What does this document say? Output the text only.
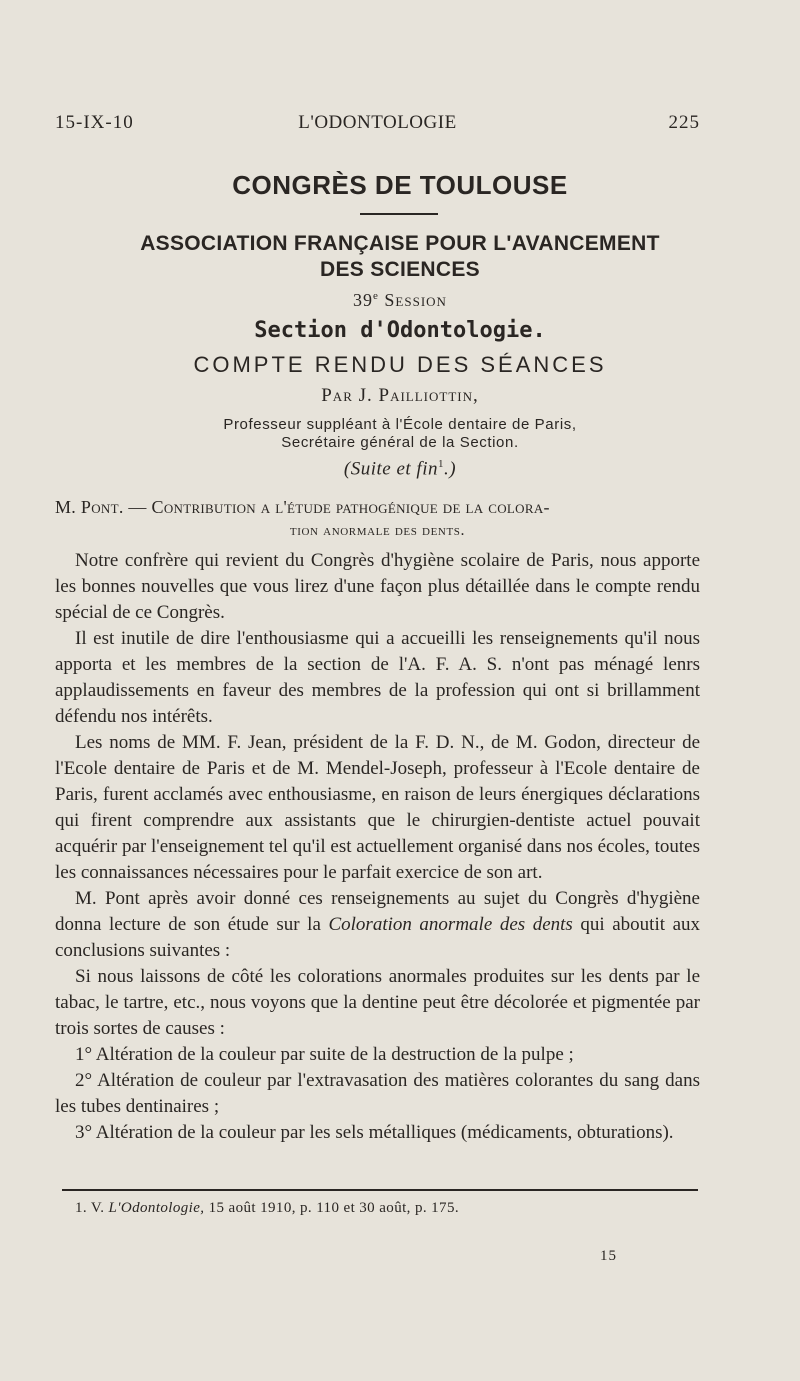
15-IX-10	L'ODONTOLOGIE	225
CONGRÈS DE TOULOUSE
ASSOCIATION FRANÇAISE POUR L'AVANCEMENT
DES SCIENCES
39e Session
Section d'Odontologie.
COMPTE RENDU DES SÉANCES
Par J. Pailliottin,
Professeur suppléant à l'École dentaire de Paris,
Secrétaire général de la Section.
(Suite et fin$^1$.)
M. Pont. — Contribution a l'étude pathogénique de la colora-
tion anormale des dents.

Notre confrère qui revient du Congrès d'hygiène scolaire de Paris, nous apporte les bonnes nouvelles que vous lirez d'une façon plus détaillée dans le compte rendu spécial de ce Congrès.

Il est inutile de dire l'enthousiasme qui a accueilli les renseignements qu'il nous apporta et les membres de la section de l'A. F. A. S. n'ont pas ménagé lenrs applaudissements en faveur des membres de la profession qui ont si brillamment défendu nos intérêts.

Les noms de MM. F. Jean, président de la F. D. N., de M. Godon, directeur de l'Ecole dentaire de Paris et de M. Mendel-Joseph, professeur à l'Ecole dentaire de Paris, furent acclamés avec enthousiasme, en raison de leurs énergiques déclarations qui firent comprendre aux assistants que le chirurgien-dentiste actuel pouvait acquérir par l'enseignement tel qu'il est actuellement organisé dans nos écoles, toutes les connaissances nécessaires pour le parfait exercice de son art.

M. Pont après avoir donné ces renseignements au sujet du Congrès d'hygiène donna lecture de son étude sur la Coloration anormale des dents qui aboutit aux conclusions suivantes :

Si nous laissons de côté les colorations anormales produites sur les dents par le tabac, le tartre, etc., nous voyons que la dentine peut être décolorée et pigmentée par trois sortes de causes :

1° Altération de la couleur par suite de la destruction de la pulpe ;

2° Altération de couleur par l'extravasation des matières colorantes du sang dans les tubes dentinaires ;

3° Altération de la couleur par les sels métalliques (médicaments, obturations).

1. V. L'Odontologie, 15 août 1910, p. 110 et 30 août, p. 175.
15
